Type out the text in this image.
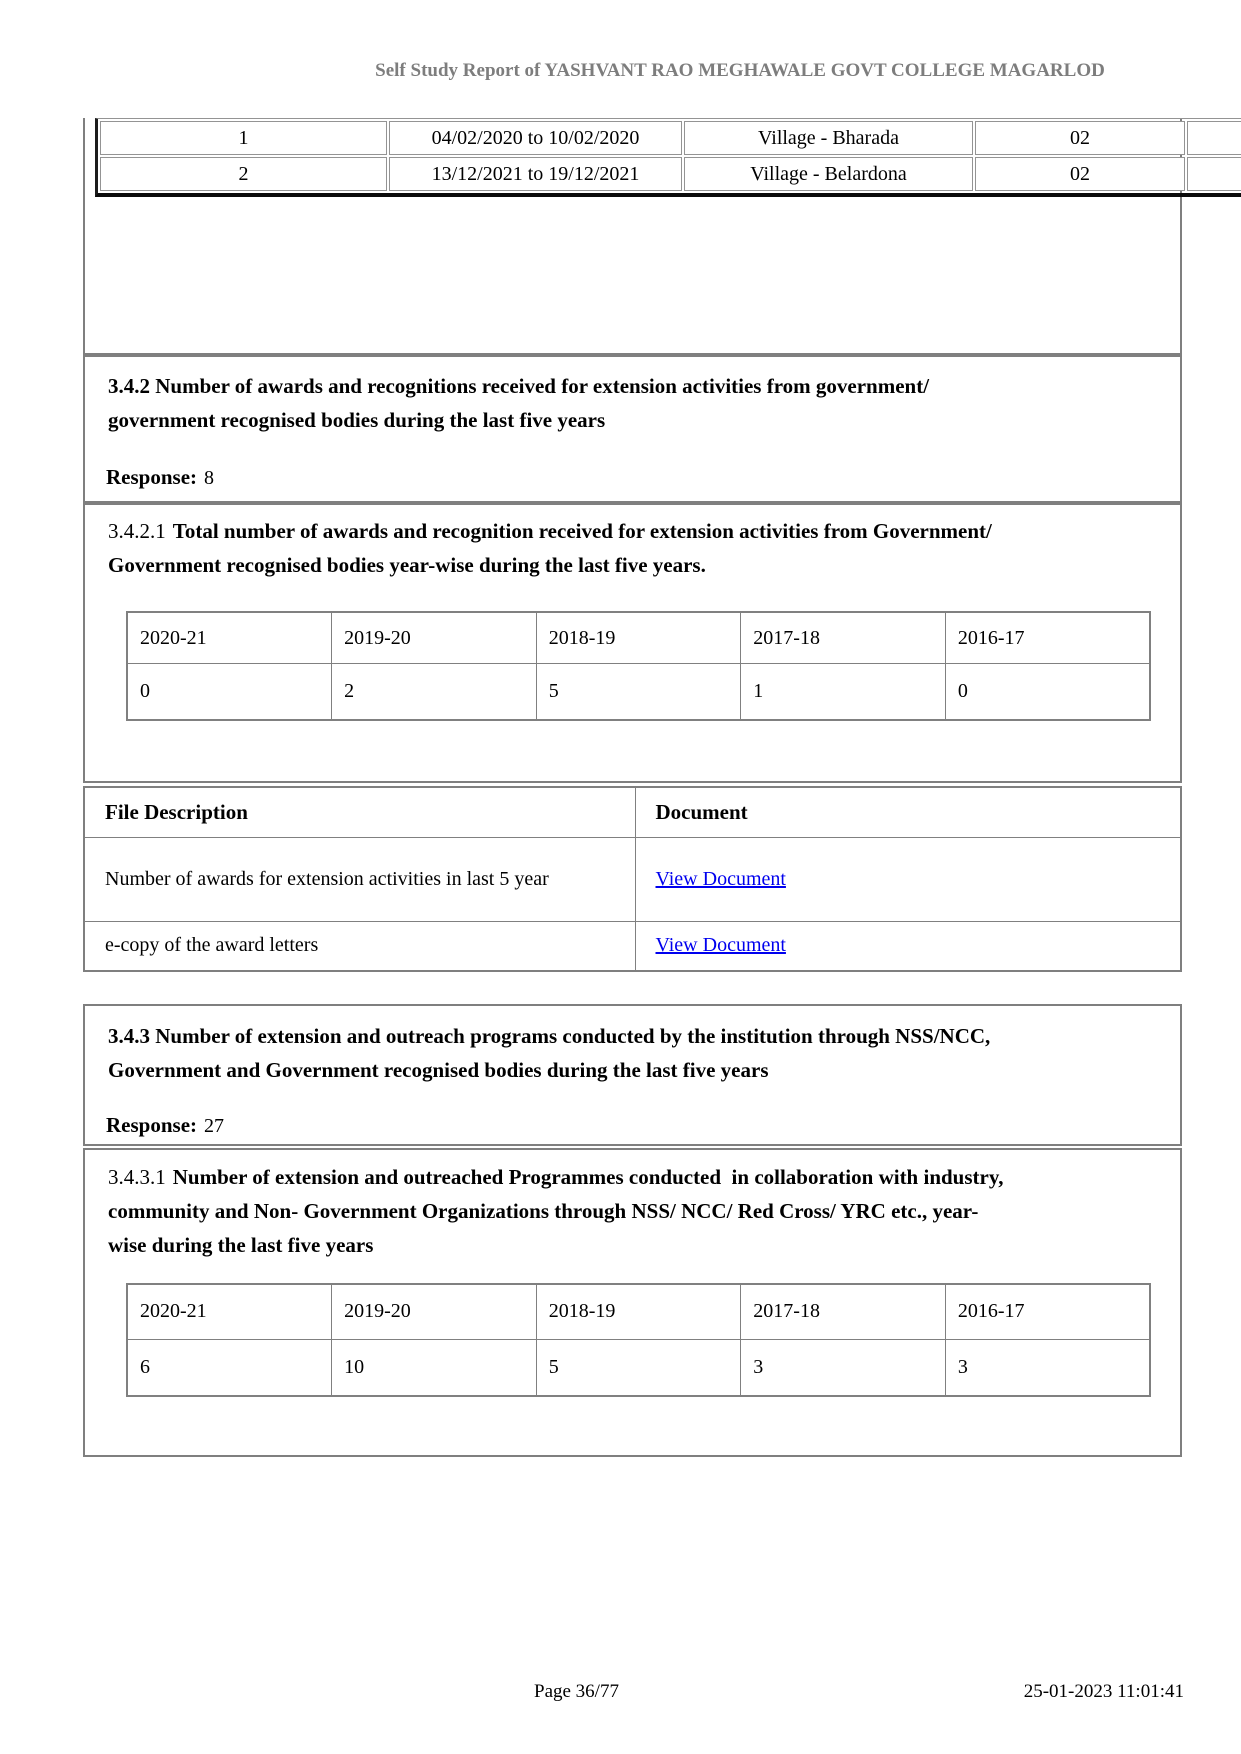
Self Study Report of YASHVANT RAO MEGHAWALE GOVT COLLEGE MAGARLOD
1	04/02/2020 to 10/02/2020	Village - Bharada	02	
2	13/12/2021 to 19/12/2021	Village - Belardona	02	
3.4.2 Number of awards and recognitions received for extension activities from government/
government recognised bodies during the last five years
Response: 8
3.4.2.1 Total number of awards and recognition received for extension activities from Government/
Government recognised bodies year-wise during the last five years.
2020-21	2019-20	2018-19	2017-18	2016-17
0	2	5	1	0
File Description	Document
Number of awards for extension activities in last 5 year	View Document
e-copy of the award letters	View Document
3.4.3 Number of extension and outreach programs conducted by the institution through NSS/NCC,
Government and Government recognised bodies during the last five years
Response: 27
3.4.3.1 Number of extension and outreached Programmes conducted  in collaboration with industry,
community and Non- Government Organizations through NSS/ NCC/ Red Cross/ YRC etc., year-
wise during the last five years
2020-21	2019-20	2018-19	2017-18	2016-17
6	10	5	3	3
Page 36/77	25-01-2023 11:01:41
